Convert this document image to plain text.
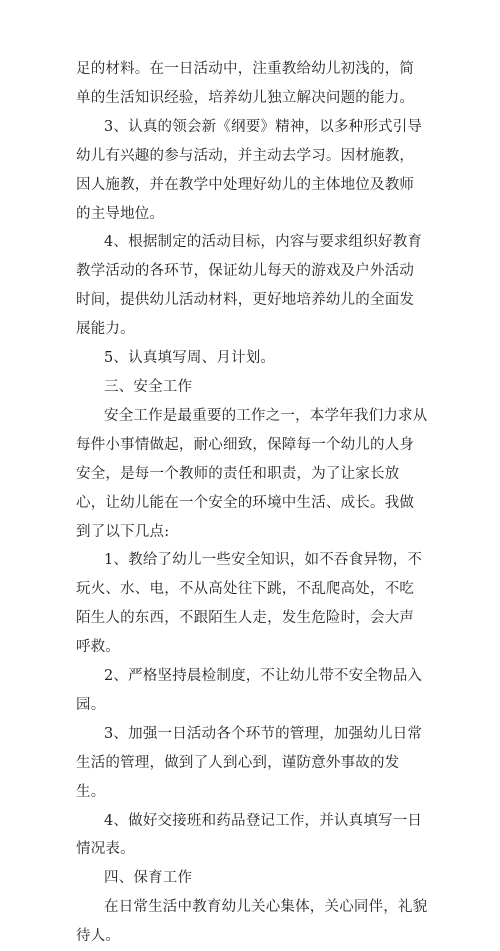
足的材料。在一日活动中，注重教给幼儿初浅的，简单的生活知识经验，培养幼儿独立解决问题的能力。

3、认真的领会新《纲要》精神，以多种形式引导幼儿有兴趣的参与活动，并主动去学习。因材施教，因人施教，并在教学中处理好幼儿的主体地位及教师的主导地位。

4、根据制定的活动目标，内容与要求组织好教育教学活动的各环节，保证幼儿每天的游戏及户外活动时间，提供幼儿活动材料，更好地培养幼儿的全面发展能力。

5、认真填写周、月计划。

三、安全工作

安全工作是最重要的工作之一，本学年我们力求从每件小事情做起，耐心细致，保障每一个幼儿的人身安全，是每一个教师的责任和职责，为了让家长放心，让幼儿能在一个安全的环境中生活、成长。我做到了以下几点:

1、教给了幼儿一些安全知识，如不吞食异物，不玩火、水、电，不从高处往下跳，不乱爬高处，不吃陌生人的东西，不跟陌生人走，发生危险时，会大声呼救。

2、严格坚持晨检制度，不让幼儿带不安全物品入园。

3、加强一日活动各个环节的管理，加强幼儿日常生活的管理，做到了人到心到，谨防意外事故的发生。

4、做好交接班和药品登记工作，并认真填写一日情况表。

四、保育工作

在日常生活中教育幼儿关心集体，关心同伴，礼貌待人。
